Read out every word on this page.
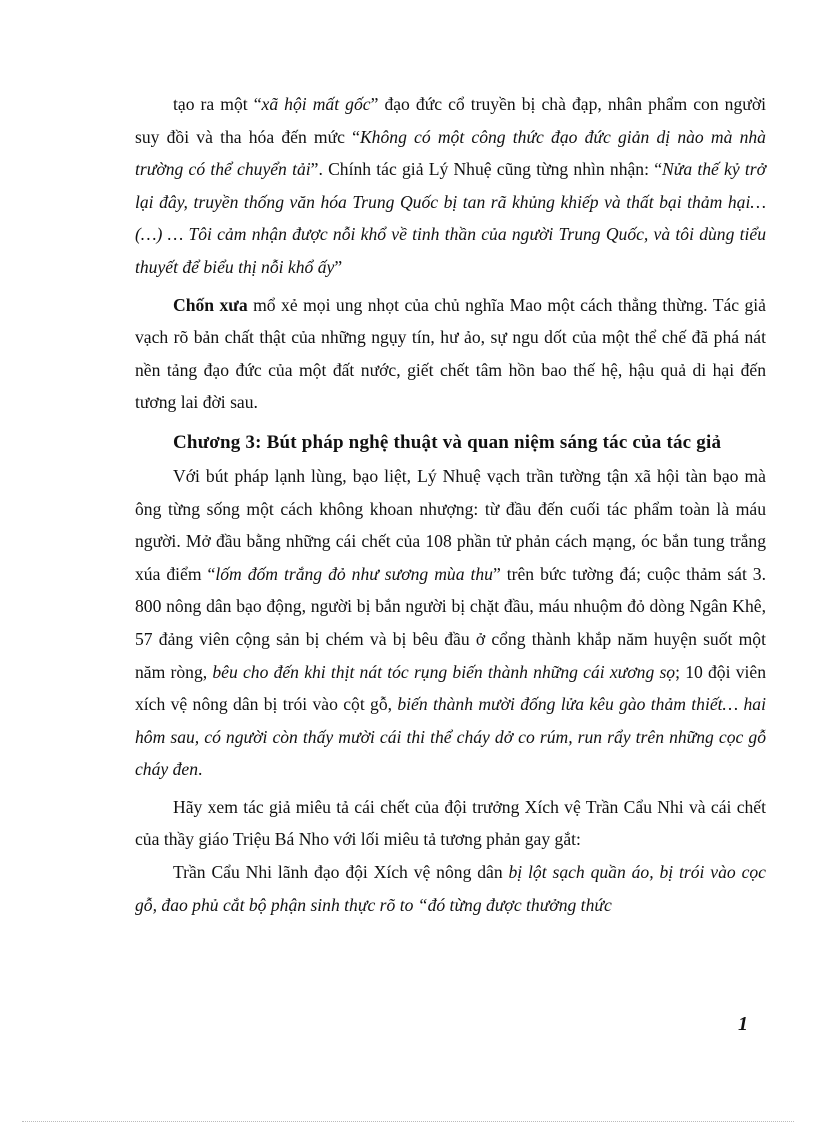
tạo ra một “xã hội mất gốc” đạo đức cổ truyền bị chà đạp, nhân phẩm con người suy đồi và tha hóa đến mức “Không có một công thức đạo đức giản dị nào mà nhà trường có thể chuyển tải”. Chính tác giả Lý Nhuệ cũng từng nhìn nhận: “Nửa thế kỷ trở lại đây, truyền thống văn hóa Trung Quốc bị tan rã khủng khiếp và thất bại thảm hại… (…) … Tôi cảm nhận được nỗi khổ về tinh thần của người Trung Quốc, và tôi dùng tiểu thuyết để biểu thị nỗi khổ ấy”

Chốn xưa mổ xẻ mọi ung nhọt của chủ nghĩa Mao một cách thẳng thừng. Tác giả vạch rõ bản chất thật của những ngụy tín, hư ảo, sự ngu dốt của một thể chế đã phá nát nền tảng đạo đức của một đất nước, giết chết tâm hồn bao thế hệ, hậu quả di hại đến tương lai đời sau.

Chương 3: Bút pháp nghệ thuật và quan niệm sáng tác của tác giả

Với bút pháp lạnh lùng, bạo liệt, Lý Nhuệ vạch trần tường tận xã hội tàn bạo mà ông từng sống một cách không khoan nhượng: từ đầu đến cuối tác phẩm toàn là máu người. Mở đầu bằng những cái chết của 108 phần tử phản cách mạng, óc bắn tung trắng xúa điểm “lốm đốm trắng đỏ như sương mùa thu” trên bức tường đá; cuộc thảm sát 3. 800 nông dân bạo động, người bị bắn người bị chặt đầu, máu nhuộm đỏ dòng Ngân Khê, 57 đảng viên cộng sản bị chém và bị bêu đầu ở cổng thành khắp năm huyện suốt một năm ròng, bêu cho đến khi thịt nát tóc rụng biến thành những cái xương sọ; 10 đội viên xích vệ nông dân bị trói vào cột gỗ, biến thành mười đống lửa kêu gào thảm thiết… hai hôm sau, có người còn thấy mười cái thi thể cháy dở co rúm, run rẩy trên những cọc gỗ cháy đen.

Hãy xem tác giả miêu tả cái chết của đội trưởng Xích vệ Trần Cẩu Nhi và cái chết của thầy giáo Triệu Bá Nho với lối miêu tả tương phản gay gắt:

Trần Cẩu Nhi lãnh đạo đội Xích vệ nông dân bị lột sạch quần áo, bị trói vào cọc gỗ, đao phủ cắt bộ phận sinh thực rõ to “đó từng được thưởng thức

1
